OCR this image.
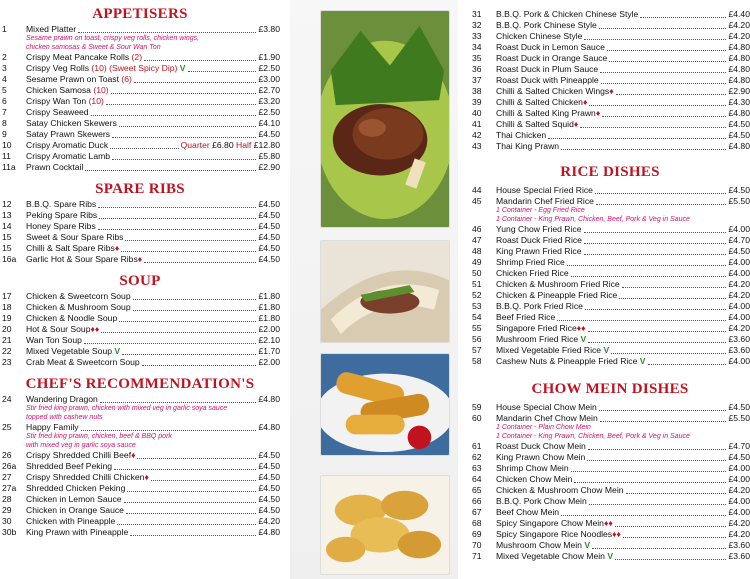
APPETISERS
1	Mixed Platter	£3.80
Sesame prawn on toast, crispy veg rolls, chicken wings,
chicken samosas & Sweet & Sour Wan Ton
2	Crispy Meat Pancake Rolls (2)	£1.90
3	Crispy Veg Rolls (10) (Sweet Spicy Dip) V	£2.50
4	Sesame Prawn on Toast (6)	£3.00
5	Chicken Samosa (10)	£2.70
6	Crispy Wan Ton (10)	£3.20
7	Crispy Seaweed	£2.50
8	Satay Chicken Skewers	£4.10
9	Satay Prawn Skewers	£4.50
10	Crispy Aromatic Duck	Quarter £6.80 Half £12.80
11	Crispy Aromatic Lamb	£5.80
11a	Prawn Cocktail	£2.90
SPARE RIBS
12	B.B.Q. Spare Ribs	£4.50
13	Peking Spare Ribs	£4.50
14	Honey Spare Ribs	£4.50
15	Sweet & Sour Spare Ribs	£4.50
15	Chilli & Salt Spare Ribs♦	£4.50
16a	Garlic Hot & Sour Spare Ribs♦	£4.50
SOUP
17	Chicken & Sweetcorn Soup	£1.80
18	Chicken & Mushroom Soup	£1.80
19	Chicken & Noodle Soup	£1.80
20	Hot & Sour Soup♦♦	£2.00
21	Wan Ton Soup	£2.10
22	Mixed Vegetable Soup V	£1.70
23	Crab Meat & Sweetcorn Soup	£2.00
CHEF'S RECOMMENDATION'S
24	Wandering Dragon	£4.80
Stir fried king prawn, chicken with mixed veg in garlic soya sauce
topped with cashew nuts
25	Happy Family	£4.80
Stir fried king prawn, chicken, beef & BBQ pork
with mixed veg in garlic soya sauce
26	Crispy Shredded Chilli Beef♦	£4.50
26a	Shredded Beef Peking	£4.50
27	Crispy Shredded Chilli Chicken♦	£4.50
27a	Shredded Chicken Peking	£4.50
28	Chicken in Lemon Sauce	£4.50
29	Chicken in Orange Sauce	£4.50
30	Chicken with Pineapple	£4.20
30b	King Prawn with Pineapple	£4.80
31	B.B.Q. Pork & Chicken Chinese Style	£4.40
32	B.B.Q. Pork Chinese Style	£4.20
33	Chicken Chinese Style	£4.20
34	Roast Duck in Lemon Sauce	£4.80
35	Roast Duck in Orange Sauce	£4.80
36	Roast Duck in Plum Sauce	£4.80
37	Roast Duck with Pineapple	£4.80
38	Chilli & Salted Chicken Wings♦	£2.90
39	Chilli & Salted Chicken♦	£4.30
40	Chilli & Salted King Prawn♦	£4.80
41	Chilli & Salted Squid♦	£4.50
42	Thai Chicken	£4.50
43	Thai King Prawn	£4.80
RICE DISHES
44	House Special Fried Rice	£4.50
45	Mandarin Chef Fried Rice	£5.50
1 Container - Egg Fried Rice
1 Container - King Prawn, Chicken, Beef, Pork & Veg in Sauce
46	Yung Chow Fried Rice	£4.00
47	Roast Duck Fried Rice	£4.70
48	King Prawn Fried Rice	£4.50
49	Shrimp Fried Rice	£4.00
50	Chicken Fried Rice	£4.00
51	Chicken & Mushroom Fried Rice	£4.20
52	Chicken & Pineapple Fried Rice	£4.20
53	B.B.Q. Pork Fried Rice	£4.00
54	Beef Fried Rice	£4.00
55	Singapore Fried Rice♦♦	£4.20
56	Mushroom Fried Rice V	£3.60
57	Mixed Vegetable Fried Rice V	£3.60
58	Cashew Nuts & Pineapple Fried Rice V	£4.00
CHOW MEIN DISHES
59	House Special Chow Mein	£4.50
60	Mandarin Chef Chow Mein	£5.50
1 Container - Plain Chow Mein
1 Container - King Prawn, Chicken, Beef, Pork & Veg in Sauce
61	Roast Duck Chow Mein	£4.70
62	King Prawn Chow Mein	£4.50
63	Shrimp Chow Mein	£4.00
64	Chicken Chow Mein	£4.00
65	Chicken & Mushroom Chow Mein	£4.20
66	B.B.Q. Pork Chow Mein	£4.00
67	Beef Chow Mein	£4.00
68	Spicy Singapore Chow Mein♦♦	£4.20
69	Spicy Singapore Rice Noodles♦♦	£4.20
70	Mushroom Chow Mein V	£3.60
71	Mixed Vegetable Chow Mein V	£3.60
